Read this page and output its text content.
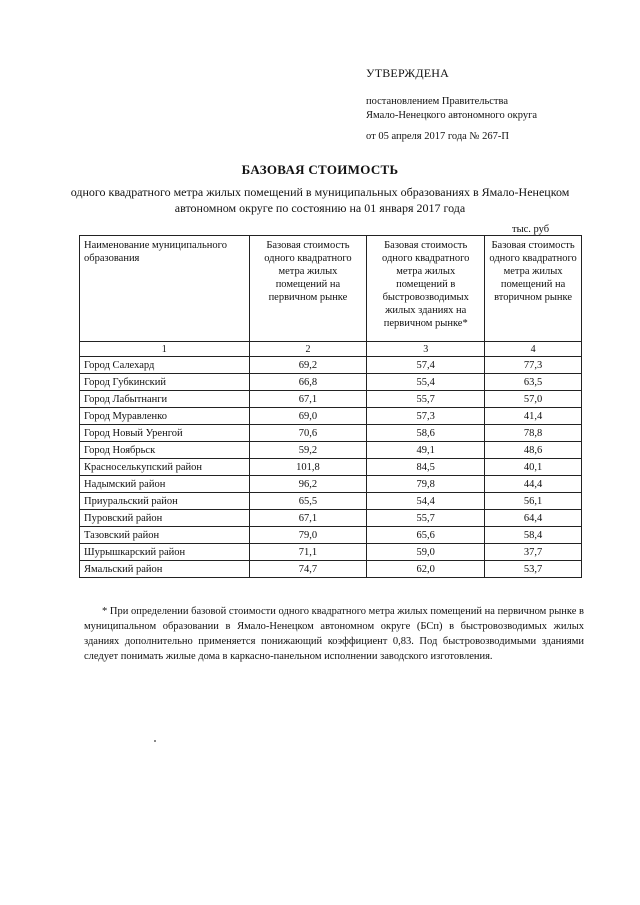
УТВЕРЖДЕНА
постановлением Правительства
Ямало-Ненецкого автономного округа
от 05 апреля 2017 года № 267-П
БАЗОВАЯ СТОИМОСТЬ
одного квадратного метра жилых помещений в муниципальных образованиях в Ямало-Ненецком автономном округе по состоянию на 01 января 2017 года
тыс. руб
Наименование муниципального образования	Базовая стоимость одного квадратного метра жилых помещений на первичном рынке	Базовая стоимость одного квадратного метра жилых помещений в быстровозводимых жилых зданиях на первичном рынке*	Базовая стоимость одного квадратного метра жилых помещений на вторичном рынке
1	2	3	4
Город Салехард	69,2	57,4	77,3
Город Губкинский	66,8	55,4	63,5
Город Лабытнанги	67,1	55,7	57,0
Город Муравленко	69,0	57,3	41,4
Город Новый Уренгой	70,6	58,6	78,8
Город Ноябрьск	59,2	49,1	48,6
Красноселькупский район	101,8	84,5	40,1
Надымский район	96,2	79,8	44,4
Приуральский район	65,5	54,4	56,1
Пуровский район	67,1	55,7	64,4
Тазовский район	79,0	65,6	58,4
Шурышкарский район	71,1	59,0	37,7
Ямальский район	74,7	62,0	53,7
* При определении базовой стоимости одного квадратного метра жилых помещений на первичном рынке в муниципальном образовании в Ямало-Ненецком автономном округе (БСп) в быстровозводимых жилых зданиях дополнительно применяется понижающий коэффициент 0,83. Под быстровозводимыми зданиями следует понимать жилые дома в каркасно-панельном исполнении заводского изготовления.
